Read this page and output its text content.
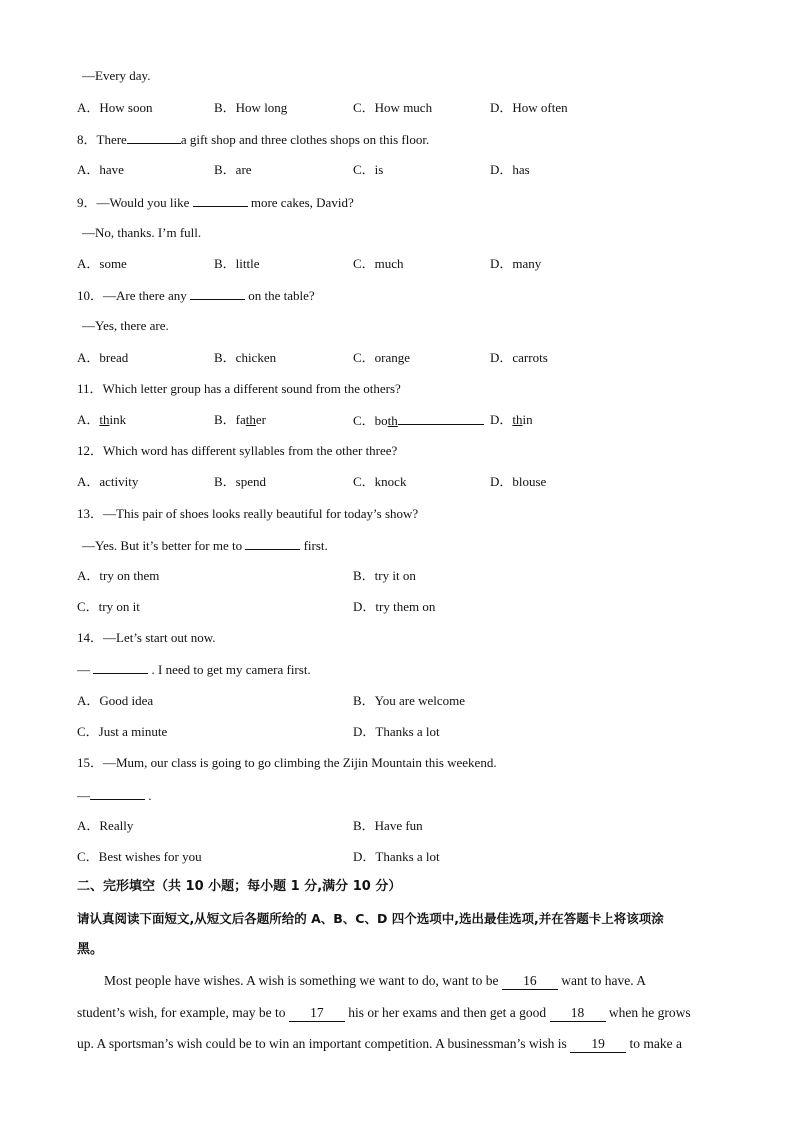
—Every day.
A．How soon	B．How long	C．How much	D．How often
8．There	a gift shop and three clothes shops on this floor.
A．have	B．are	C．is	D．has
9．—Would you like	more cakes, David?
—No, thanks. I’m full.
A．some	B．little	C．much	D．many
10．—Are there any	on the table?
—Yes, there are.
A．bread	B．chicken	C．orange	D．carrots
11．Which letter group has a different sound from the others?
A．think	B．father	C．both	D．thin
12．Which word has different syllables from the other three?
A．activity	B．spend	C．knock	D．blouse
13．—This pair of shoes looks really beautiful for today’s show?
—Yes. But it’s better for me to	first.
A．try on them	B．try it on
C．try on it	D．try them on
14．—Let’s start out now.
—	. I need to get my camera first.
A．Good idea	B．You are welcome
C．Just a minute	D．Thanks a lot
15．—Mum, our class is going to go climbing the Zijin Mountain this weekend.
—	.
A．Really	B．Have fun
C．Best wishes for you	D．Thanks a lot
二、完形填空（共 10 小题；每小题 1 分,满分 10 分）
请认真阅读下面短文,从短文后各题所给的 A、B、C、D 四个选项中,选出最佳选项,并在答题卡上将该项涂
黑。
Most people have wishes. A wish is something we want to do, want to be 16 want to have. A
student’s wish, for example, may be to 17 his or her exams and then get a good 18 when he grows
up. A sportsman’s wish could be to win an important competition. A businessman’s wish is 19 to make a
